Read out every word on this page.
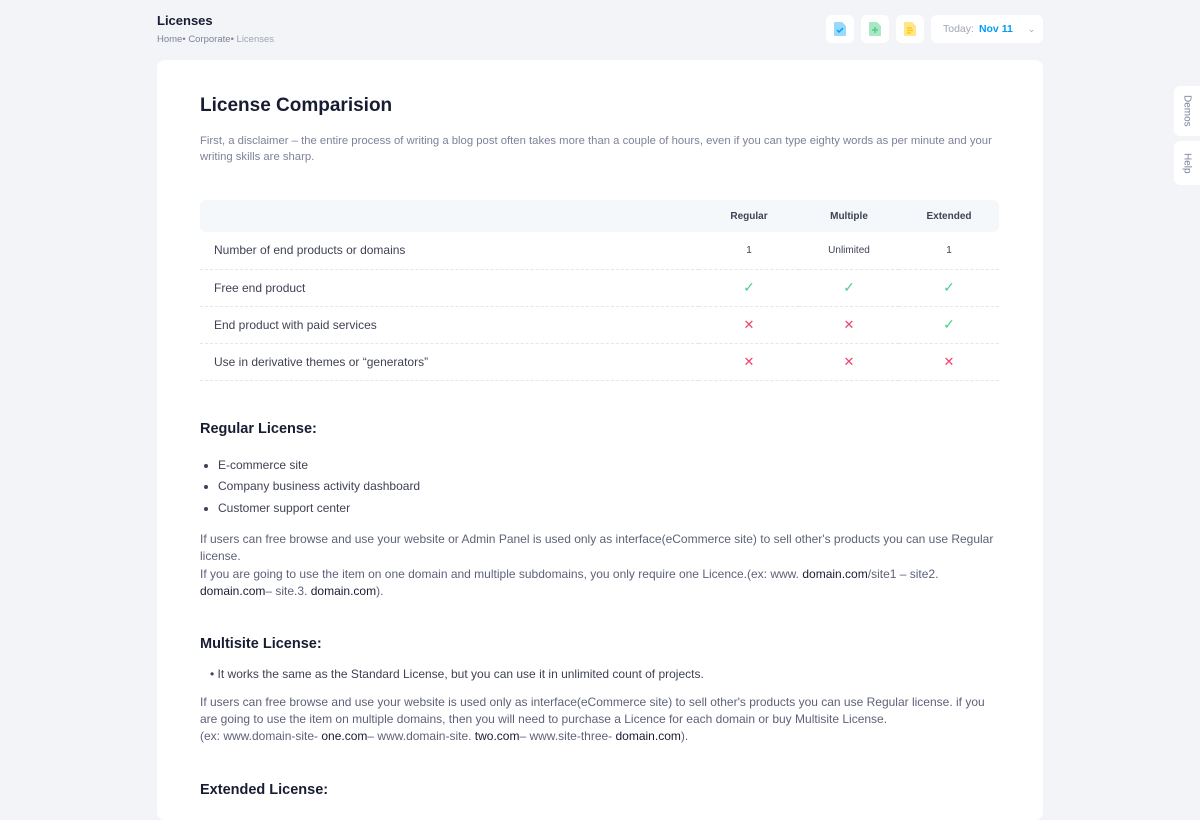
Licenses
Home• Corporate• Licenses
Today: Nov 11 ⌄
Demos
Help
License Comparision
First, a disclaimer – the entire process of writing a blog post often takes more than a couple of hours, even if you can type eighty words as per minute and your writing skills are sharp.
	Regular	Multiple	Extended
Number of end products or domains	1	Unlimited	1
Free end product	✓	✓	✓
End product with paid services	✕	✕	✓
Use in derivative themes or “generators”	✕	✕	✕
Regular License:
• E-commerce site
• Company business activity dashboard
• Customer support center

If users can free browse and use your website or Admin Panel is used only as interface(eCommerce site) to sell other's products you can use Regular license.
If you are going to use the item on one domain and multiple subdomains, you only require one Licence.(ex: www. domain.com/site1 – site2. domain.com– site.3. domain.com).

Multisite License:
• It works the same as the Standard License, but you can use it in unlimited count of projects.

If users can free browse and use your website is used only as interface(eCommerce site) to sell other's products you can use Regular license. if you are going to use the item on multiple domains, then you will need to purchase a Licence for each domain or buy Multisite License.
(ex: www.domain-site- one.com– www.domain-site. two.com– www.site-three- domain.com).

Extended License:
